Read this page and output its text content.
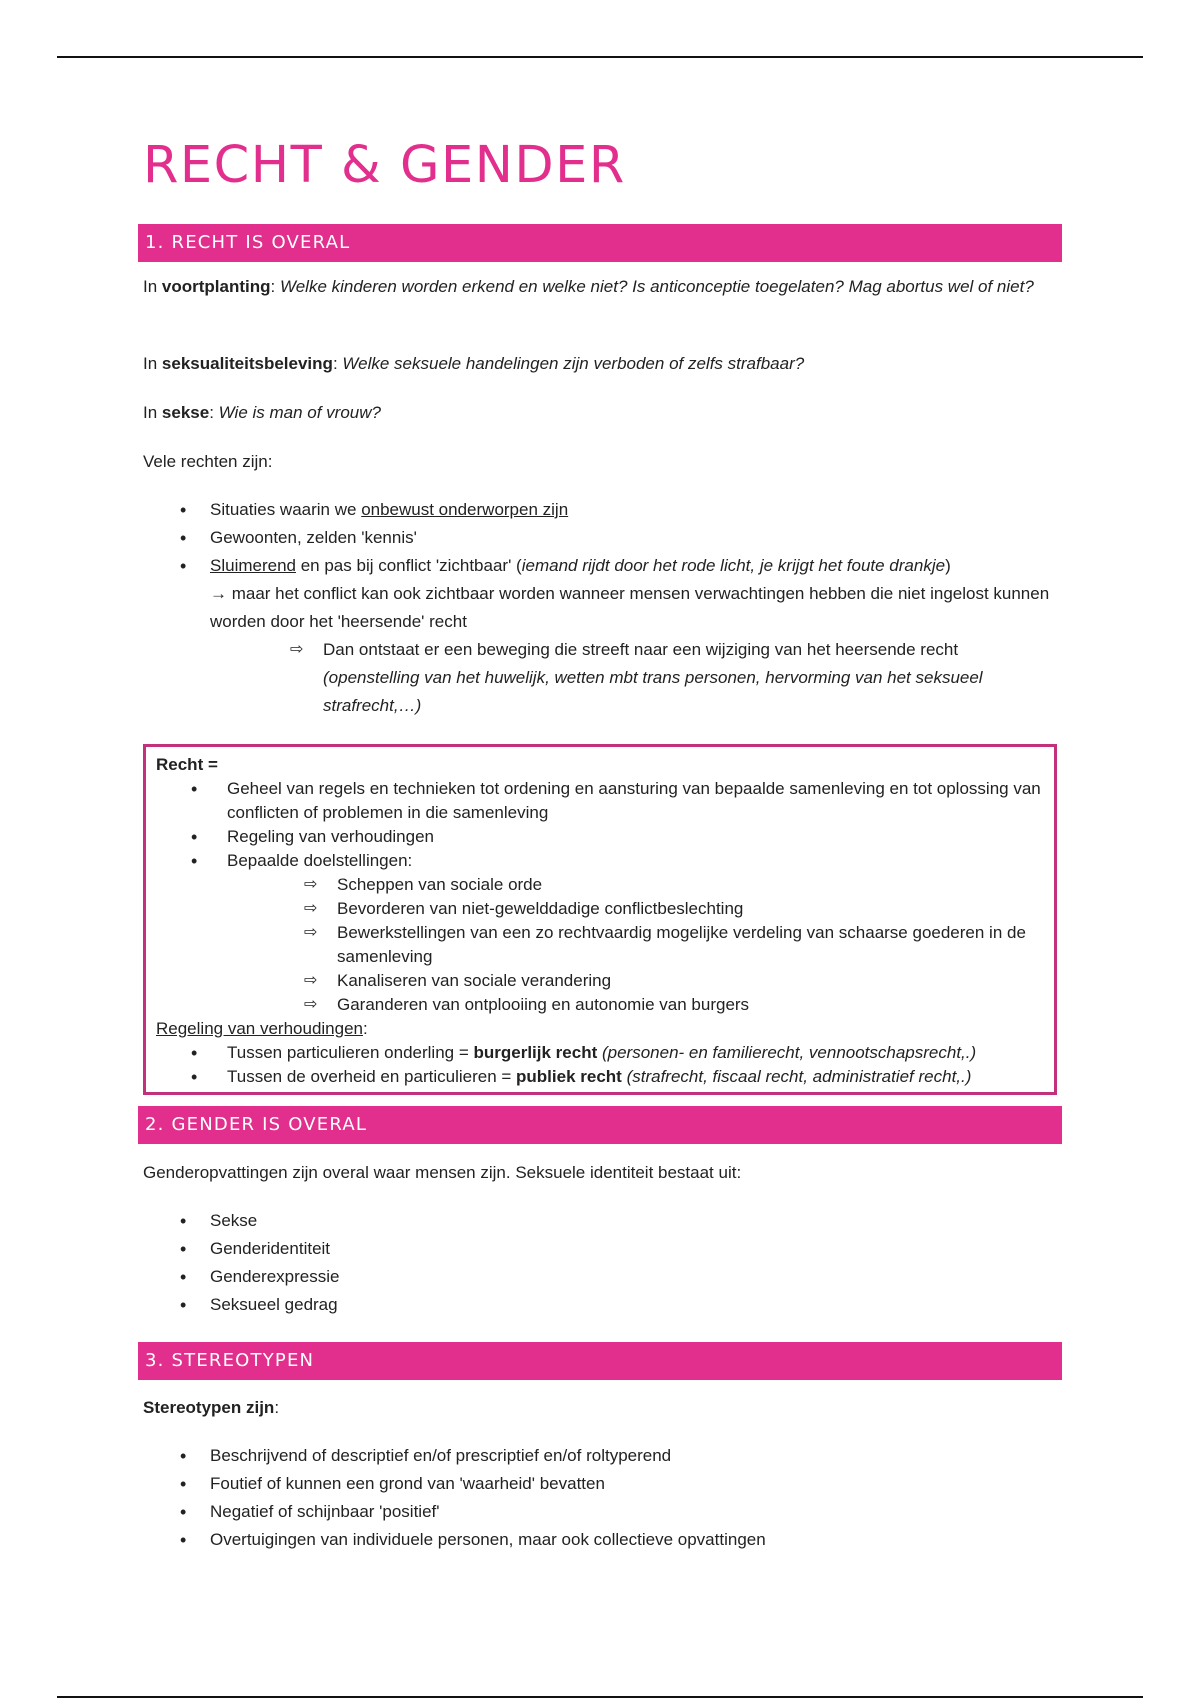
RECHT & GENDER
1. RECHT IS OVERAL

In voortplanting: Welke kinderen worden erkend en welke niet? Is anticonceptie toegelaten? Mag abortus wel of niet?

In seksualiteitsbeleving: Welke seksuele handelingen zijn verboden of zelfs strafbaar?

In sekse: Wie is man of vrouw?

Vele rechten zijn:

• Situaties waarin we onbewust onderworpen zijn
• Gewoonten, zelden 'kennis'
• Sluimerend en pas bij conflict 'zichtbaar' (iemand rijdt door het rode licht, je krijgt het foute drankje)
→ maar het conflict kan ook zichtbaar worden wanneer mensen verwachtingen hebben die niet ingelost kunnen worden door het 'heersende' recht
⇨ Dan ontstaat er een beweging die streeft naar een wijziging van het heersende recht (openstelling van het huwelijk, wetten mbt trans personen, hervorming van het seksueel strafrecht,…)
Recht =
• Geheel van regels en technieken tot ordening en aansturing van bepaalde samenleving en tot oplossing van conflicten of problemen in die samenleving
• Regeling van verhoudingen
• Bepaalde doelstellingen:
⇨ Scheppen van sociale orde
⇨ Bevorderen van niet-gewelddadige conflictbeslechting
⇨ Bewerkstellingen van een zo rechtvaardig mogelijke verdeling van schaarse goederen in de samenleving
⇨ Kanaliseren van sociale verandering
⇨ Garanderen van ontplooiing en autonomie van burgers
Regeling van verhoudingen:
• Tussen particulieren onderling = burgerlijk recht (personen- en familierecht, vennootschapsrecht,.)
• Tussen de overheid en particulieren = publiek recht (strafrecht, fiscaal recht, administratief recht,.)
2. GENDER IS OVERAL

Genderopvattingen zijn overal waar mensen zijn. Seksuele identiteit bestaat uit:

• Sekse
• Genderidentiteit
• Genderexpressie
• Seksueel gedrag
3. STEREOTYPEN

Stereotypen zijn:

• Beschrijvend of descriptief en/of prescriptief en/of roltyperend
• Foutief of kunnen een grond van 'waarheid' bevatten
• Negatief of schijnbaar 'positief'
• Overtuigingen van individuele personen, maar ook collectieve opvattingen
